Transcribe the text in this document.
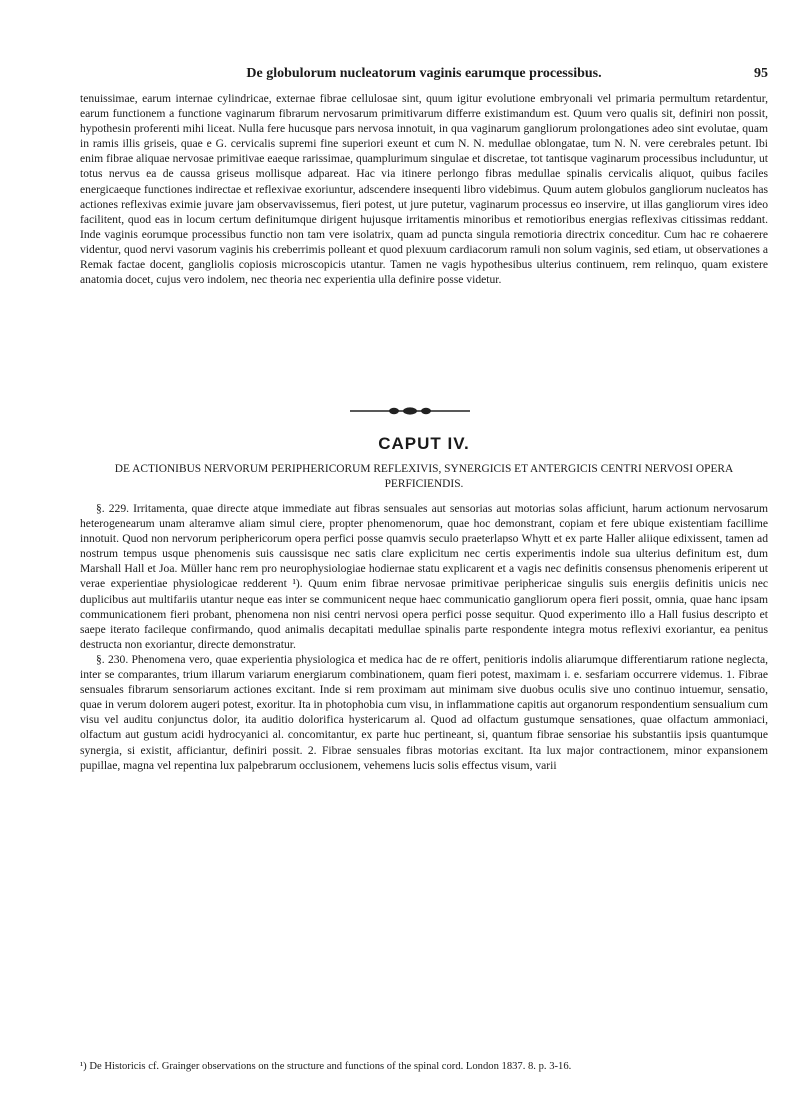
De globulorum nucleatorum vaginis earumque processibus.	95

tenuissimae, earum internae cylindricae, externae fibrae cellulosae sint, quum igitur evolutione embryonali vel primaria permultum retardentur, earum functionem a functione vaginarum fibrarum nervosarum primitivarum differre existimandum est. Quum vero qualis sit, definiri non possit, hypothesin proferenti mihi liceat. Nulla fere hucusque pars nervosa innotuit, in qua vaginarum gangliorum prolongationes adeo sint evolutae, quam in ramis illis griseis, quae e G. cervicalis supremi fine superiori exeunt et cum N. N. medullae oblongatae, tum N. N. vere cerebrales petunt. Ibi enim fibrae aliquae nervosae primitivae eaeque rarissimae, quamplurimum singulae et discretae, tot tantisque vaginarum processibus includuntur, ut totus nervus ea de caussa griseus mollisque adpareat. Hac via itinere perlongo fibras medullae spinalis cervicalis aliquot, quibus faciles energicaeque functiones indirectae et reflexivae exoriuntur, adscendere insequenti libro videbimus. Quum autem globulos gangliorum nucleatos has actiones reflexivas eximie juvare jam observavissemus, fieri potest, ut jure putetur, vaginarum processus eo inservire, ut illas gangliorum vires ideo facilitent, quod eas in locum certum definitumque dirigent hujusque irritamentis minoribus et remotioribus energias reflexivas citissimas reddant. Inde vaginis eorumque processibus functio non tam vere isolatrix, quam ad puncta singula remotioria directrix conceditur. Cum hac re cohaerere videntur, quod nervi vasorum vaginis his creberrimis polleant et quod plexuum cardiacorum ramuli non solum vaginis, sed etiam, ut observationes a Remak factae docent, gangliolis copiosis microscopicis utantur. Tamen ne vagis hypothesibus ulterius continuem, rem relinquo, quam existere anatomia docet, cujus vero indolem, nec theoria nec experientia ulla definire posse videtur.

CAPUT IV.
DE ACTIONIBUS NERVORUM PERIPHERICORUM REFLEXIVIS, SYNERGICIS ET ANTERGICIS CENTRI NERVOSI OPERA PERFICIENDIS.

§. 229. Irritamenta, quae directe atque immediate aut fibras sensuales aut sensorias aut motorias solas afficiunt, harum actionum nervosarum heterogenearum unam alteramve aliam simul ciere, propter phenomenorum, quae hoc demonstrant, copiam et fere ubique existentiam facillime innotuit. Quod non nervorum periphericorum opera perfici posse quamvis seculo praeterlapso Whytt et ex parte Haller aliique edixissent, tamen ad nostrum tempus usque phenomenis suis caussisque nec satis clare explicitum nec certis experimentis indole sua ulterius definitum est, dum Marshall Hall et Joa. Müller hanc rem pro neurophysiologiae hodiernae statu explicarent et a vagis nec definitis consensus phenomenis eriperent ut verae experientiae physiologicae redderent ¹). Quum enim fibrae nervosae primitivae periphericae singulis suis energiis definitis unicis nec duplicibus aut multifariis utantur neque eas inter se communicent neque haec communicatio gangliorum opera fieri possit, omnia, quae hanc ipsam communicationem fieri probant, phenomena non nisi centri nervosi opera perfici posse sequitur. Quod experimento illo a Hall fusius descripto et saepe iterato facileque confirmando, quod animalis decapitati medullae spinalis parte respondente integra motus reflexivi exoriantur, ea penitus destructa non exoriantur, directe demonstratur.

§. 230. Phenomena vero, quae experientia physiologica et medica hac de re offert, penitioris indolis aliarumque differentiarum ratione neglecta, inter se comparantes, trium illarum variarum energiarum combinationem, quam fieri potest, maximam i. e. sesfariam occurrere videmus. 1. Fibrae sensuales fibrarum sensoriarum actiones excitant. Inde si rem proximam aut minimam sive duobus oculis sive uno continuo intuemur, sensatio, quae in verum dolorem augeri potest, exoritur. Ita in photophobia cum visu, in inflammatione capitis aut organorum respondentium sensualium cum visu vel auditu conjunctus dolor, ita auditio dolorifica hystericarum al. Quod ad olfactum gustumque sensationes, quae olfactum ammoniaci, olfactum aut gustum acidi hydrocyanici al. concomitantur, ex parte huc pertineant, si, quantum fibrae sensoriae his substantiis ipsis quantumque synergia, si existit, afficiantur, definiri possit. 2. Fibrae sensuales fibras motorias excitant. Ita lux major contractionem, minor expansionem pupillae, magna vel repentina lux palpebrarum occlusionem, vehemens lucis solis effectus visum, varii

¹) De Historicis cf. Grainger observations on the structure and functions of the spinal cord. London 1837. 8. p. 3-16.
